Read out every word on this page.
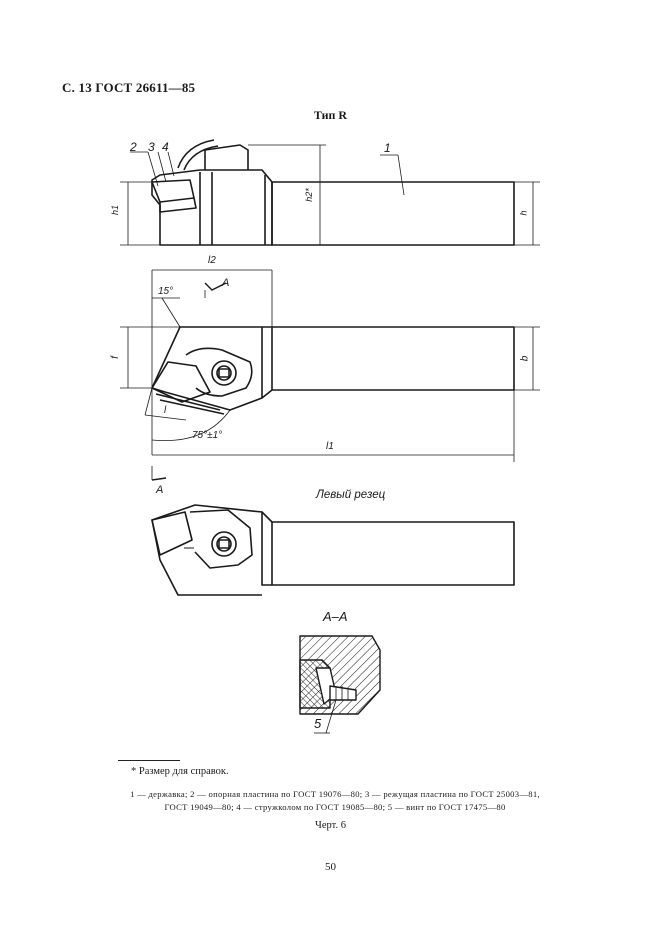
С. 13 ГОСТ 26611—85
Тип R
2 3 4	1
h1
h2*
h
l2
15°
A
f	b
l
75°±1°
l1
A	Левый резец
А–А
5
* Размер для справок.
1 — державка; 2 — опорная пластина по ГОСТ 19076—80; 3 — режущая пластина по ГОСТ 25003—81,
ГОСТ 19049—80; 4 — стружколом по ГОСТ 19085—80; 5 — винт по ГОСТ 17475—80
Черт. 6
50
